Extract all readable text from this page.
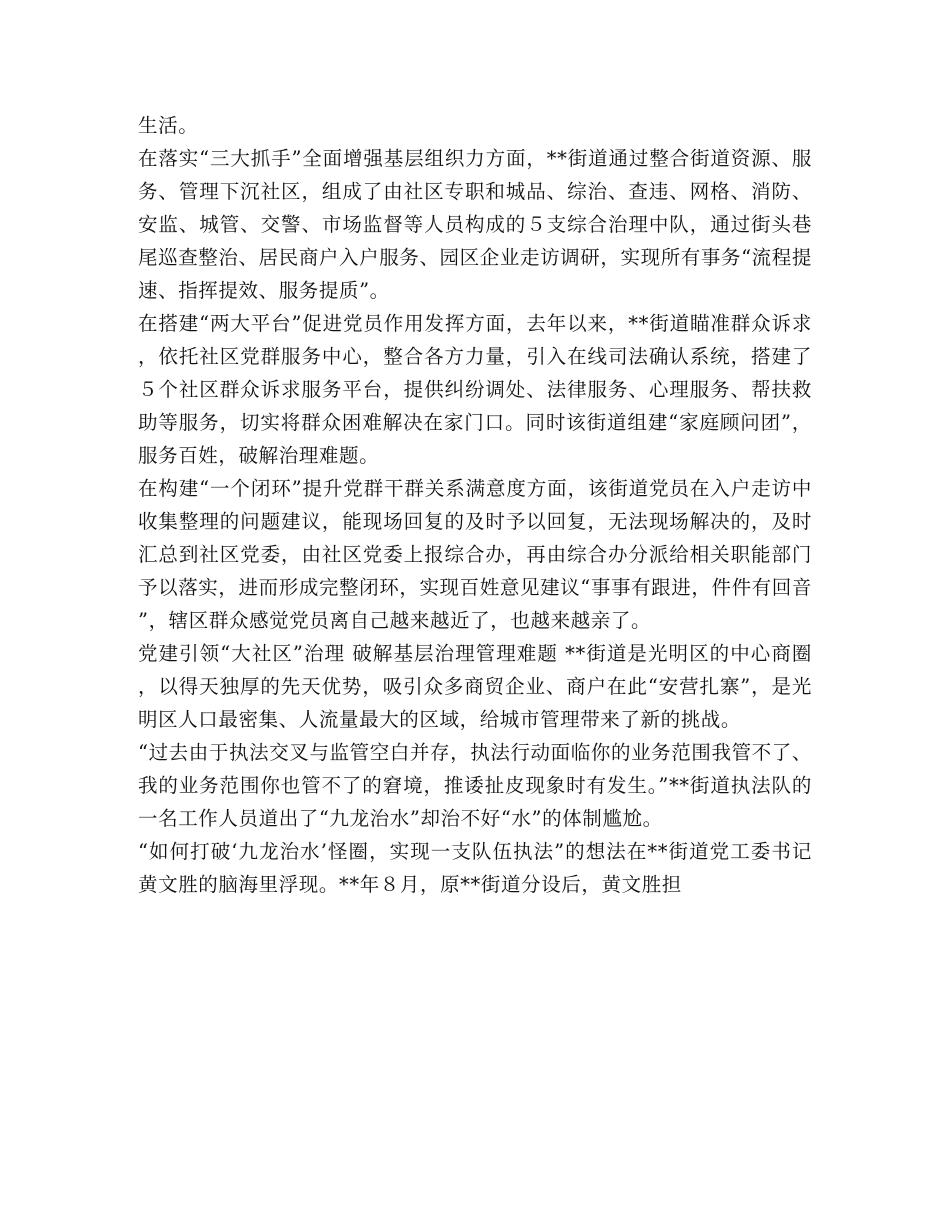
生活。

在落实“三大抓手”全面增强基层组织力方面，**街道通过整合街道资源、服务、管理下沉社区，组成了由社区专职和城品、综治、查违、网格、消防、安监、城管、交警、市场监督等人员构成的５支综合治理中队，通过街头巷尾巡查整治、居民商户入户服务、园区企业走访调研，实现所有事务“流程提速、指挥提效、服务提质”。

在搭建“两大平台”促进党员作用发挥方面，去年以来，**街道瞄准群众诉求，依托社区党群服务中心，整合各方力量，引入在线司法确认系统，搭建了５个社区群众诉求服务平台，提供纠纷调处、法律服务、心理服务、帮扶救助等服务，切实将群众困难解决在家门口。同时该街道组建“家庭顾问团”，服务百姓，破解治理难题。

在构建“一个闭环”提升党群干群关系满意度方面，该街道党员在入户走访中收集整理的问题建议，能现场回复的及时予以回复，无法现场解决的，及时汇总到社区党委，由社区党委上报综合办，再由综合办分派给相关职能部门予以落实，进而形成完整闭环，实现百姓意见建议“事事有跟进，件件有回音”，辖区群众感觉党员离自己越来越近了，也越来越亲了。

党建引领“大社区”治理 破解基层治理管理难题 **街道是光明区的中心商圈，以得天独厚的先天优势，吸引众多商贸企业、商户在此“安营扎寨”，是光明区人口最密集、人流量最大的区域，给城市管理带来了新的挑战。

“过去由于执法交叉与监管空白并存，执法行动面临你的业务范围我管不了、我的业务范围你也管不了的窘境，推诿扯皮现象时有发生。”**街道执法队的一名工作人员道出了“九龙治水”却治不好“水”的体制尴尬。

“如何打破‘九龙治水’怪圈，实现一支队伍执法”的想法在**街道党工委书记黄文胜的脑海里浮现。**年８月，原**街道分设后，黄文胜担
